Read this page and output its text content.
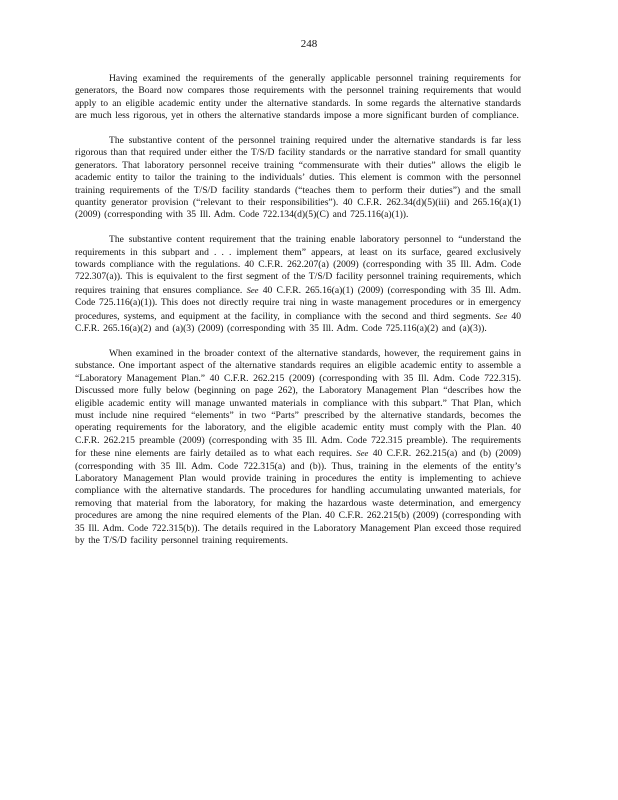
248

Having examined the requirements of the generally applicable personnel training requirements for generators, the Board now compares those requirements with the personnel training requirements that would apply to an eligible academic entity under the alternative standards. In some regards the alternative standards are much less rigorous, yet in others the alternative standards impose a more significant burden of compliance.

The substantive content of the personnel training required under the alternative standards is far less rigorous than that required under either the T/S/D facility standards or the narrative standard for small quantity generators. That laboratory personnel receive training “commensurate with their duties” allows the eligib le academic entity to tailor the training to the individuals’ duties. This element is common with the personnel training requirements of the T/S/D facility standards (“teaches them to perform their duties”) and the small quantity generator provision (“relevant to their responsibilities”). 40 C.F.R. 262.34(d)(5)(iii) and 265.16(a)(1) (2009) (corresponding with 35 Ill. Adm. Code 722.134(d)(5)(C) and 725.116(a)(1)).

The substantive content requirement that the training enable laboratory personnel to “understand the requirements in this subpart and . . . implement them” appears, at least on its surface, geared exclusively towards compliance with the regulations. 40 C.F.R. 262.207(a) (2009) (corresponding with 35 Ill. Adm. Code 722.307(a)). This is equivalent to the first segment of the T/S/D facility personnel training requirements, which requires training that ensures compliance. See 40 C.F.R. 265.16(a)(1) (2009) (corresponding with 35 Ill. Adm. Code 725.116(a)(1)). This does not directly require trai ning in waste management procedures or in emergency procedures, systems, and equipment at the facility, in compliance with the second and third segments. See 40 C.F.R. 265.16(a)(2) and (a)(3) (2009) (corresponding with 35 Ill. Adm. Code 725.116(a)(2) and (a)(3)).

When examined in the broader context of the alternative standards, however, the requirement gains in substance. One important aspect of the alternative standards requires an eligible academic entity to assemble a “Laboratory Management Plan.” 40 C.F.R. 262.215 (2009) (corresponding with 35 Ill. Adm. Code 722.315). Discussed more fully below (beginning on page 262), the Laboratory Management Plan “describes how the eligible academic entity will manage unwanted materials in compliance with this subpart.” That Plan, which must include nine required “elements” in two “Parts” prescribed by the alternative standards, becomes the operating requirements for the laboratory, and the eligible academic entity must comply with the Plan. 40 C.F.R. 262.215 preamble (2009) (corresponding with 35 Ill. Adm. Code 722.315 preamble). The requirements for these nine elements are fairly detailed as to what each requires. See 40 C.F.R. 262.215(a) and (b) (2009) (corresponding with 35 Ill. Adm. Code 722.315(a) and (b)). Thus, training in the elements of the entity’s Laboratory Management Plan would provide training in procedures the entity is implementing to achieve compliance with the alternative standards. The procedures for handling accumulating unwanted materials, for removing that material from the laboratory, for making the hazardous waste determination, and emergency procedures are among the nine required elements of the Plan. 40 C.F.R. 262.215(b) (2009) (corresponding with 35 Ill. Adm. Code 722.315(b)). The details required in the Laboratory Management Plan exceed those required by the T/S/D facility personnel training requirements.
